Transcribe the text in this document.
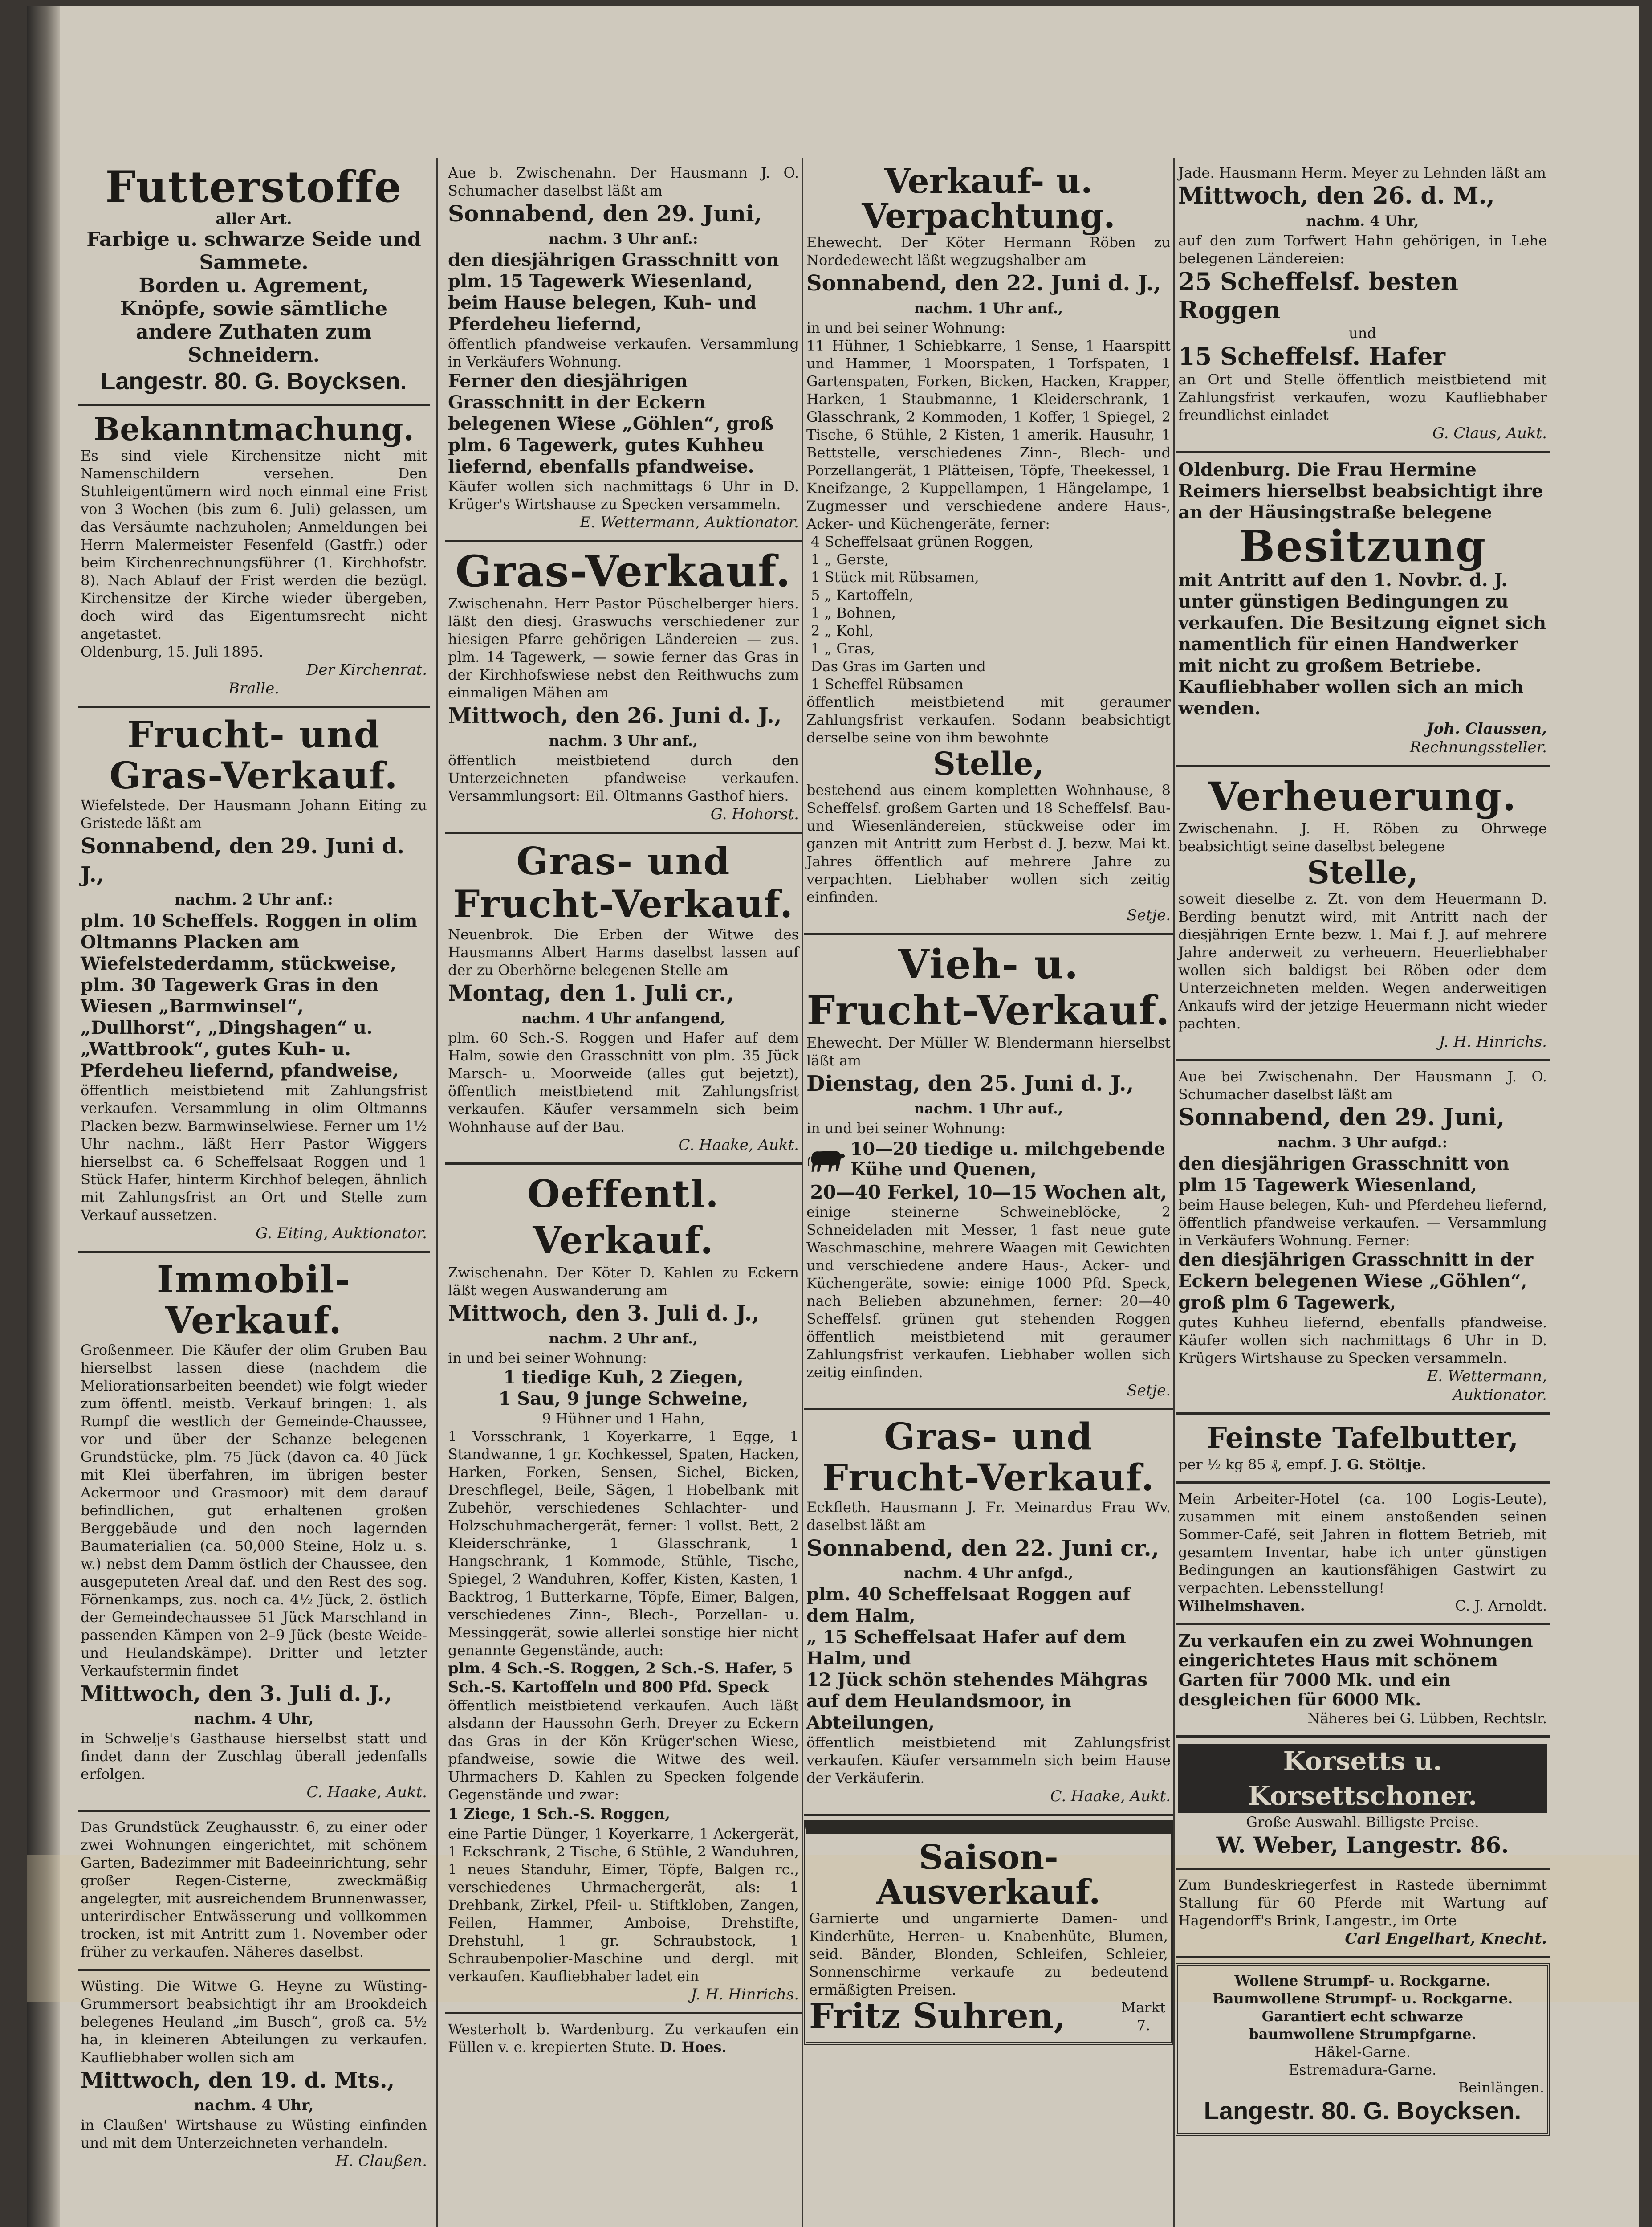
Futterstoffe
aller Art.
Farbige u. schwarze Seide und Sammete.
Borden u. Agrement,
Knöpfe, sowie sämtliche andere Zuthaten zum Schneidern.
Langestr. 80. G. Boycksen.
Bekanntmachung.
Es sind viele Kirchensitze nicht mit Namenschildern versehen. Den Stuhleigentümern wird noch einmal eine Frist von 3 Wochen (bis zum 6. Juli) gelassen, um das Versäumte nachzuholen; Anmeldungen bei Herrn Malermeister Fesenfeld (Gastfr.) oder beim Kirchenrechnungsführer (1. Kirchhofstr. 8). Nach Ablauf der Frist werden die bezügl. Kirchensitze der Kirche wieder übergeben, doch wird das Eigentumsrecht nicht angetastet.
Oldenburg, 15. Juli 1895.
Der Kirchenrat.
Bralle.
Frucht- und Gras-Verkauf.
Wiefelstede. Der Hausmann Johann Eiting zu Gristede läßt am
Sonnabend, den 29. Juni d. J.,
nachm. 2 Uhr anf.:
plm. 10 Scheffels. Roggen in olim Oltmanns Placken am Wiefelstederdamm, stückweise, plm. 30 Tagewerk Gras in den Wiesen „Barmwinsel“, „Dullhorst“, „Dingshagen“ u. „Wattbrook“, gutes Kuh- u. Pferdeheu liefernd, pfandweise,
öffentlich meistbietend mit Zahlungsfrist verkaufen. Versammlung in olim Oltmanns Placken bezw. Barmwinselwiese. Ferner um 1½ Uhr nachm., läßt Herr Pastor Wiggers hierselbst ca. 6 Scheffelsaat Roggen und 1 Stück Hafer, hinterm Kirchhof belegen, ähnlich mit Zahlungsfrist an Ort und Stelle zum Verkauf aussetzen.
G. Eiting, Auktionator.
Immobil-Verkauf.
Großenmeer. Die Käufer der olim Gruben Bau hierselbst lassen diese (nachdem die Meliorationsarbeiten beendet) wie folgt wieder zum öffentl. meistb. Verkauf bringen: 1. als Rumpf die westlich der Gemeinde-Chaussee, vor und über der Schanze belegenen Grundstücke, plm. 75 Jück (davon ca. 40 Jück mit Klei überfahren, im übrigen bester Ackermoor und Grasmoor) mit dem darauf befindlichen, gut erhaltenen großen Berggebäude und den noch lagernden Baumaterialien (ca. 50,000 Steine, Holz u. s. w.) nebst dem Damm östlich der Chaussee, den ausgeputeten Areal daf. und den Rest des sog. Förnenkamps, zus. noch ca. 4½ Jück, 2. östlich der Gemeindechaussee 51 Jück Marschland in passenden Kämpen von 2–9 Jück (beste Weide- und Heulandskämpe). Dritter und letzter Verkaufstermin findet
Mittwoch, den 3. Juli d. J.,
nachm. 4 Uhr,
in Schwelje's Gasthause hierselbst statt und findet dann der Zuschlag überall jedenfalls erfolgen.
C. Haake, Aukt.
Das Grundstück Zeughausstr. 6, zu einer oder zwei Wohnungen eingerichtet, mit schönem Garten, Badezimmer mit Badeeinrichtung, sehr großer Regen-Cisterne, zweckmäßig angelegter, mit ausreichendem Brunnenwasser, unterirdischer Entwässerung und vollkommen trocken, ist mit Antritt zum 1. November oder früher zu verkaufen. Näheres daselbst.
Wüsting. Die Witwe G. Heyne zu Wüsting-Grummersort beabsichtigt ihr am Brookdeich belegenes Heuland „im Busch“, groß ca. 5½ ha, in kleineren Abteilungen zu verkaufen. Kaufliebhaber wollen sich am
Mittwoch, den 19. d. Mts.,
nachm. 4 Uhr,
in Claußen' Wirtshause zu Wüsting einfinden und mit dem Unterzeichneten verhandeln.
H. Claußen.
Aue b. Zwischenahn. Der Hausmann J. O. Schumacher daselbst läßt am
Sonnabend, den 29. Juni,
nachm. 3 Uhr anf.:
den diesjährigen Grasschnitt von plm. 15 Tagewerk Wiesenland, beim Hause belegen, Kuh- und Pferdeheu liefernd,
öffentlich pfandweise verkaufen. Versammlung in Verkäufers Wohnung.
Ferner den diesjährigen Grasschnitt in der Eckern belegenen Wiese „Göhlen“, groß plm. 6 Tagewerk, gutes Kuhheu liefernd, ebenfalls pfandweise.
Käufer wollen sich nachmittags 6 Uhr in D. Krüger's Wirtshause zu Specken versammeln.
E. Wettermann, Auktionator.
Gras-Verkauf.
Zwischenahn. Herr Pastor Püschelberger hiers. läßt den diesj. Graswuchs verschiedener zur hiesigen Pfarre gehörigen Ländereien — zus. plm. 14 Tagewerk, — sowie ferner das Gras in der Kirchhofswiese nebst den Reithwuchs zum einmaligen Mähen am
Mittwoch, den 26. Juni d. J.,
nachm. 3 Uhr anf.,
öffentlich meistbietend durch den Unterzeichneten pfandweise verkaufen. Versammlungsort: Eil. Oltmanns Gasthof hiers.
G. Hohorst.
Gras- und Frucht-Verkauf.
Neuenbrok. Die Erben der Witwe des Hausmanns Albert Harms daselbst lassen auf der zu Oberhörne belegenen Stelle am
Montag, den 1. Juli cr.,
nachm. 4 Uhr anfangend,
plm. 60 Sch.-S. Roggen und Hafer auf dem Halm, sowie den Grasschnitt von plm. 35 Jück Marsch- u. Moorweide (alles gut bejetzt), öffentlich meistbietend mit Zahlungsfrist verkaufen. Käufer versammeln sich beim Wohnhause auf der Bau.
C. Haake, Aukt.
Oeffentl. Verkauf.
Zwischenahn. Der Köter D. Kahlen zu Eckern läßt wegen Auswanderung am
Mittwoch, den 3. Juli d. J.,
nachm. 2 Uhr anf.,
in und bei seiner Wohnung:
1 tiedige Kuh, 2 Ziegen,
1 Sau, 9 junge Schweine,
9 Hühner und 1 Hahn,
1 Vorsschrank, 1 Koyerkarre, 1 Egge, 1 Standwanne, 1 gr. Kochkessel, Spaten, Hacken, Harken, Forken, Sensen, Sichel, Bicken, Dreschflegel, Beile, Sägen, 1 Hobelbank mit Zubehör, verschiedenes Schlachter- und Holzschuhmachergerät, ferner: 1 vollst. Bett, 2 Kleiderschränke, 1 Glasschrank, 1 Hangschrank, 1 Kommode, Stühle, Tische, Spiegel, 2 Wanduhren, Koffer, Kisten, Kasten, 1 Backtrog, 1 Butterkarne, Töpfe, Eimer, Balgen, verschiedenes Zinn-, Blech-, Porzellan- u. Messinggerät, sowie allerlei sonstige hier nicht genannte Gegenstände, auch:
plm. 4 Sch.-S. Roggen, 2 Sch.-S. Hafer, 5 Sch.-S. Kartoffeln und 800 Pfd. Speck
öffentlich meistbietend verkaufen. Auch läßt alsdann der Haussohn Gerh. Dreyer zu Eckern das Gras in der Kön Krüger'schen Wiese, pfandweise, sowie die Witwe des weil. Uhrmachers D. Kahlen zu Specken folgende Gegenstände und zwar:
1 Ziege, 1 Sch.-S. Roggen,
eine Partie Dünger, 1 Koyerkarre, 1 Ackergerät, 1 Eckschrank, 2 Tische, 6 Stühle, 2 Wanduhren, 1 neues Standuhr, Eimer, Töpfe, Balgen rc., verschiedenes Uhrmachergerät, als: 1 Drehbank, Zirkel, Pfeil- u. Stiftkloben, Zangen, Feilen, Hammer, Amboise, Drehstifte, Drehstuhl, 1 gr. Schraubstock, 1 Schraubenpolier-Maschine und dergl. mit verkaufen. Kaufliebhaber ladet ein
J. H. Hinrichs.
Westerholt b. Wardenburg. Zu verkaufen ein Füllen v. e. krepierten Stute. D. Hoes.
Verkauf- u. Verpachtung.
Ehewecht. Der Köter Hermann Röben zu Nordedewecht läßt wegzugshalber am
Sonnabend, den 22. Juni d. J.,
nachm. 1 Uhr anf.,
in und bei seiner Wohnung:
11 Hühner, 1 Schiebkarre, 1 Sense, 1 Haarspitt und Hammer, 1 Moorspaten, 1 Torfspaten, 1 Gartenspaten, Forken, Bicken, Hacken, Krapper, Harken, 1 Staubmanne, 1 Kleiderschrank, 1 Glasschrank, 2 Kommoden, 1 Koffer, 1 Spiegel, 2 Tische, 6 Stühle, 2 Kisten, 1 amerik. Hausuhr, 1 Bettstelle, verschiedenes Zinn-, Blech- und Porzellangerät, 1 Plätteisen, Töpfe, Theekessel, 1 Kneifzange, 2 Kuppellampen, 1 Hängelampe, 1 Zugmesser und verschiedene andere Haus-, Acker- und Küchengeräte, ferner:
4 Scheffelsaat grünen Roggen,
1 „ Gerste,
1 Stück mit Rübsamen,
5 „ Kartoffeln,
1 „ Bohnen,
2 „ Kohl,
1 „ Gras,
Das Gras im Garten und
1 Scheffel Rübsamen
öffentlich meistbietend mit geraumer Zahlungsfrist verkaufen. Sodann beabsichtigt derselbe seine von ihm bewohnte
Stelle,
bestehend aus einem kompletten Wohnhause, 8 Scheffelsf. großem Garten und 18 Scheffelsf. Bau- und Wiesenländereien, stückweise oder im ganzen mit Antritt zum Herbst d. J. bezw. Mai kt. Jahres öffentlich auf mehrere Jahre zu verpachten. Liebhaber wollen sich zeitig einfinden.
Setje.
Vieh- u. Frucht-Verkauf.
Ehewecht. Der Müller W. Blendermann hierselbst läßt am
Dienstag, den 25. Juni d. J.,
nachm. 1 Uhr auf.,
in und bei seiner Wohnung:
10—20 tiedige u. milchgebende Kühe und Quenen,
20—40 Ferkel, 10—15 Wochen alt,
einige steinerne Schweineblöcke, 2 Schneideladen mit Messer, 1 fast neue gute Waschmaschine, mehrere Waagen mit Gewichten und verschiedene andere Haus-, Acker- und Küchengeräte, sowie: einige 1000 Pfd. Speck, nach Belieben abzunehmen, ferner: 20—40 Scheffelsf. grünen gut stehenden Roggen öffentlich meistbietend mit geraumer Zahlungsfrist verkaufen. Liebhaber wollen sich zeitig einfinden.
Setje.
Gras- und Frucht-Verkauf.
Eckfleth. Hausmann J. Fr. Meinardus Frau Wv. daselbst läßt am
Sonnabend, den 22. Juni cr.,
nachm. 4 Uhr anfgd.,
plm. 40 Scheffelsaat Roggen auf dem Halm,
„ 15 Scheffelsaat Hafer auf dem Halm, und
12 Jück schön stehendes Mähgras auf dem Heulandsmoor, in Abteilungen,
öffentlich meistbietend mit Zahlungsfrist verkaufen. Käufer versammeln sich beim Hause der Verkäuferin.
C. Haake, Aukt.
Saison-Ausverkauf.
Garnierte und ungarnierte Damen- und Kinderhüte, Herren- u. Knabenhüte, Blumen, seid. Bänder, Blonden, Schleifen, Schleier, Sonnenschirme verkaufe zu bedeutend ermäßigten Preisen.
Fritz Suhren,	Markt 7.
Jade. Hausmann Herm. Meyer zu Lehnden läßt am
Mittwoch, den 26. d. M.,
nachm. 4 Uhr,
auf den zum Torfwert Hahn gehörigen, in Lehe belegenen Ländereien:
25 Scheffelsf. besten Roggen
und
15 Scheffelsf. Hafer
an Ort und Stelle öffentlich meistbietend mit Zahlungsfrist verkaufen, wozu Kaufliebhaber freundlichst einladet
G. Claus, Aukt.
Oldenburg. Die Frau Hermine Reimers hierselbst beabsichtigt ihre an der Häusingstraße belegene
Besitzung
mit Antritt auf den 1. Novbr. d. J. unter günstigen Bedingungen zu verkaufen. Die Besitzung eignet sich namentlich für einen Handwerker mit nicht zu großem Betriebe. Kaufliebhaber wollen sich an mich wenden.
Joh. Claussen,
Rechnungssteller.
Verheuerung.
Zwischenahn. J. H. Röben zu Ohrwege beabsichtigt seine daselbst belegene
Stelle,
soweit dieselbe z. Zt. von dem Heuermann D. Berding benutzt wird, mit Antritt nach der diesjährigen Ernte bezw. 1. Mai f. J. auf mehrere Jahre anderweit zu verheuern. Heuerliebhaber wollen sich baldigst bei Röben oder dem Unterzeichneten melden. Wegen anderweitigen Ankaufs wird der jetzige Heuermann nicht wieder pachten.
J. H. Hinrichs.
Aue bei Zwischenahn. Der Hausmann J. O. Schumacher daselbst läßt am
Sonnabend, den 29. Juni,
nachm. 3 Uhr aufgd.:
den diesjährigen Grasschnitt von plm 15 Tagewerk Wiesenland,
beim Hause belegen, Kuh- und Pferdeheu liefernd, öffentlich pfandweise verkaufen. — Versammlung in Verkäufers Wohnung. Ferner:
den diesjährigen Grasschnitt in der Eckern belegenen Wiese „Göhlen“, groß plm 6 Tagewerk,
gutes Kuhheu liefernd, ebenfalls pfandweise. Käufer wollen sich nachmittags 6 Uhr in D. Krügers Wirtshause zu Specken versammeln.
E. Wettermann,
Auktionator.
Feinste Tafelbutter,
per ½ kg 85 ₰, empf. J. G. Stöltje.
Mein Arbeiter-Hotel (ca. 100 Logis-Leute), zusammen mit einem anstoßenden seinen Sommer-Café, seit Jahren in flottem Betrieb, mit gesamtem Inventar, habe ich unter günstigen Bedingungen an kautionsfähigen Gastwirt zu verpachten. Lebensstellung!
Wilhelmshaven.	C. J. Arnoldt.
Zu verkaufen ein zu zwei Wohnungen eingerichtetes Haus mit schönem Garten für 7000 Mk. und ein desgleichen für 6000 Mk.
Näheres bei G. Lübben, Rechtslr.
Korsetts u. Korsettschoner.
Große Auswahl. Billigste Preise.
W. Weber, Langestr. 86.
Zum Bundeskriegerfest in Rastede übernimmt Stallung für 60 Pferde mit Wartung auf Hagendorff's Brink, Langestr., im Orte
Carl Engelhart, Knecht.
Wollene Strumpf- u. Rockgarne.
Baumwollene Strumpf- u. Rockgarne.
Garantiert echt schwarze
baumwollene Strumpfgarne.
Häkel-Garne.
Estremadura-Garne.
Beinlängen.
Langestr. 80. G. Boycksen.
